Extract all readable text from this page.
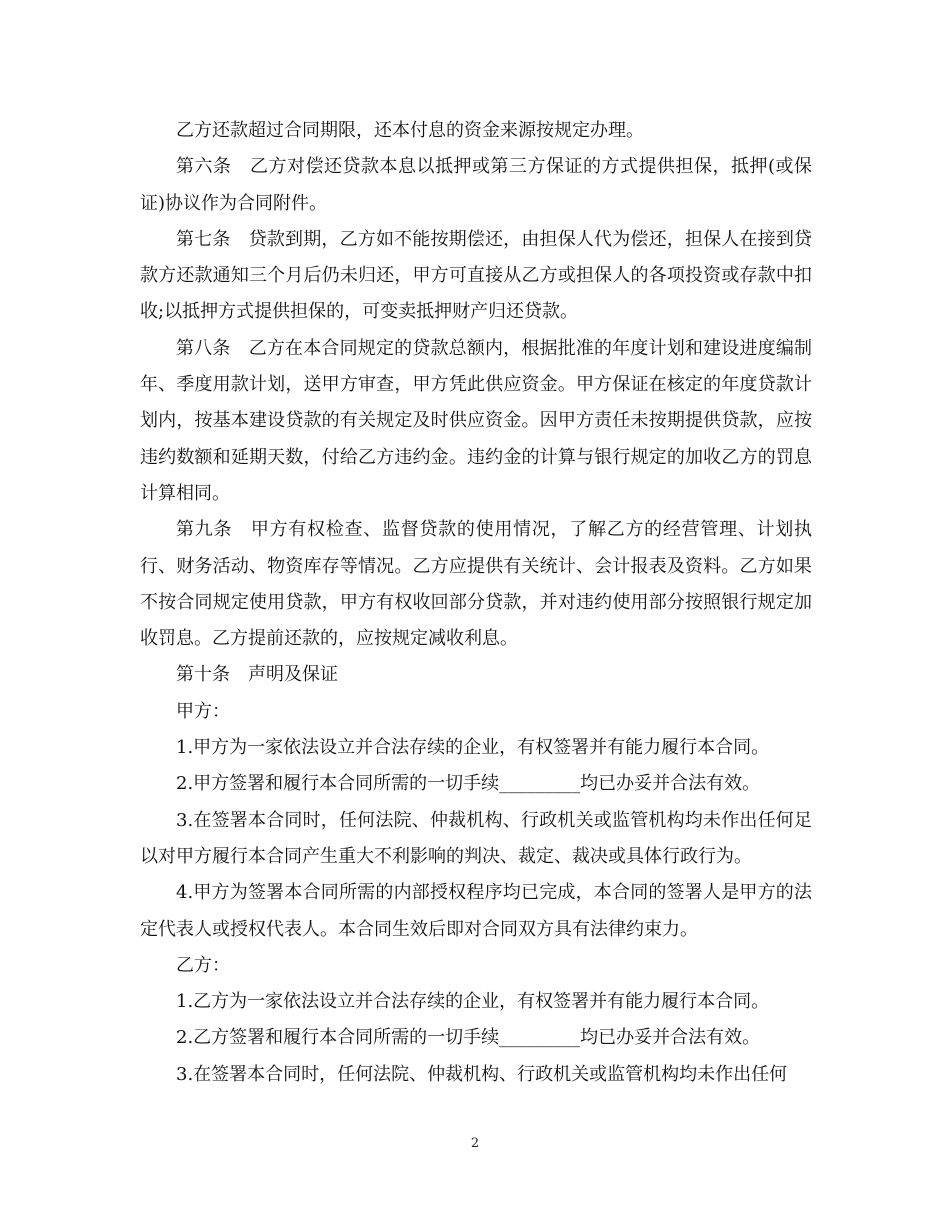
乙方还款超过合同期限，还本付息的资金来源按规定办理。

第六条　乙方对偿还贷款本息以抵押或第三方保证的方式提供担保，抵押(或保证)协议作为合同附件。

第七条　贷款到期，乙方如不能按期偿还，由担保人代为偿还，担保人在接到贷款方还款通知三个月后仍未归还，甲方可直接从乙方或担保人的各项投资或存款中扣收;以抵押方式提供担保的，可变卖抵押财产归还贷款。

第八条　乙方在本合同规定的贷款总额内，根据批准的年度计划和建设进度编制年、季度用款计划，送甲方审查，甲方凭此供应资金。甲方保证在核定的年度贷款计划内，按基本建设贷款的有关规定及时供应资金。因甲方责任未按期提供贷款，应按违约数额和延期天数，付给乙方违约金。违约金的计算与银行规定的加收乙方的罚息计算相同。

第九条　甲方有权检查、监督贷款的使用情况，了解乙方的经营管理、计划执行、财务活动、物资库存等情况。乙方应提供有关统计、会计报表及资料。乙方如果不按合同规定使用贷款，甲方有权收回部分贷款，并对违约使用部分按照银行规定加收罚息。乙方提前还款的，应按规定减收利息。

第十条　声明及保证

甲方：

1.甲方为一家依法设立并合法存续的企业，有权签署并有能力履行本合同。

2.甲方签署和履行本合同所需的一切手续_________均已办妥并合法有效。

3.在签署本合同时，任何法院、仲裁机构、行政机关或监管机构均未作出任何足以对甲方履行本合同产生重大不利影响的判决、裁定、裁决或具体行政行为。

4.甲方为签署本合同所需的内部授权程序均已完成，本合同的签署人是甲方的法定代表人或授权代表人。本合同生效后即对合同双方具有法律约束力。

乙方：

1.乙方为一家依法设立并合法存续的企业，有权签署并有能力履行本合同。

2.乙方签署和履行本合同所需的一切手续_________均已办妥并合法有效。

3.在签署本合同时，任何法院、仲裁机构、行政机关或监管机构均未作出任何

2
